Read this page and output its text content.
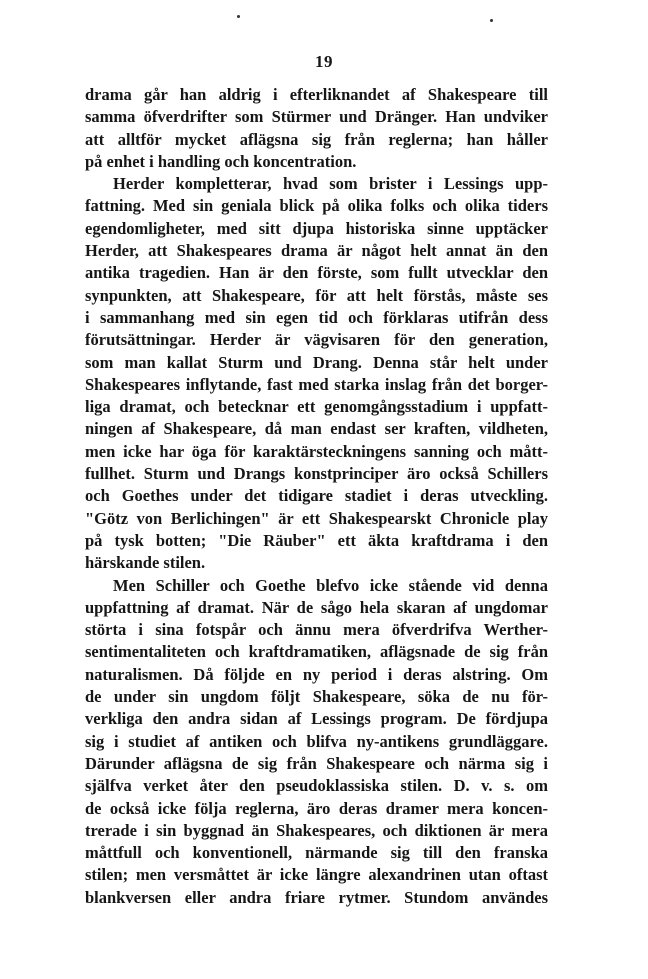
19

drama går han aldrig i efterliknandet af Shakespeare till
samma öfverdrifter som Stürmer und Dränger. Han undviker
att alltför mycket aflägsna sig från reglerna; han håller
på enhet i handling och koncentration.

Herder kompletterar, hvad som brister i Lessings upp-
fattning. Med sin geniala blick på olika folks och olika tiders
egendomligheter, med sitt djupa historiska sinne upptäcker
Herder, att Shakespeares drama är något helt annat än den
antika tragedien. Han är den förste, som fullt utvecklar den
synpunkten, att Shakespeare, för att helt förstås, måste ses
i sammanhang med sin egen tid och förklaras utifrån dess
förutsättningar. Herder är vägvisaren för den generation,
som man kallat Sturm und Drang. Denna står helt under
Shakespeares inflytande, fast med starka inslag från det borger-
liga dramat, och betecknar ett genomgångsstadium i uppfatt-
ningen af Shakespeare, då man endast ser kraften, vildheten,
men icke har öga för karaktärsteckningens sanning och mått-
fullhet. Sturm und Drangs konstprinciper äro också Schillers
och Goethes under det tidigare stadiet i deras utveckling.
"Götz von Berlichingen" är ett Shakespearskt Chronicle play
på tysk botten; "Die Räuber" ett äkta kraftdrama i den
härskande stilen.

Men Schiller och Goethe blefvo icke stående vid denna
uppfattning af dramat. När de sågo hela skaran af ungdomar
störta i sina fotspår och ännu mera öfverdrifva Werther-
sentimentaliteten och kraftdramatiken, aflägsnade de sig från
naturalismen. Då följde en ny period i deras alstring. Om
de under sin ungdom följt Shakespeare, söka de nu för-
verkliga den andra sidan af Lessings program. De fördjupa
sig i studiet af antiken och blifva ny-antikens grundläggare.
Därunder aflägsna de sig från Shakespeare och närma sig i
själfva verket åter den pseudoklassiska stilen. D. v. s. om
de också icke följa reglerna, äro deras dramer mera koncen-
trerade i sin byggnad än Shakespeares, och diktionen är mera
måttfull och konventionell, närmande sig till den franska
stilen; men versmåttet är icke längre alexandrinen utan oftast
blankversen eller andra friare rytmer. Stundom användes
